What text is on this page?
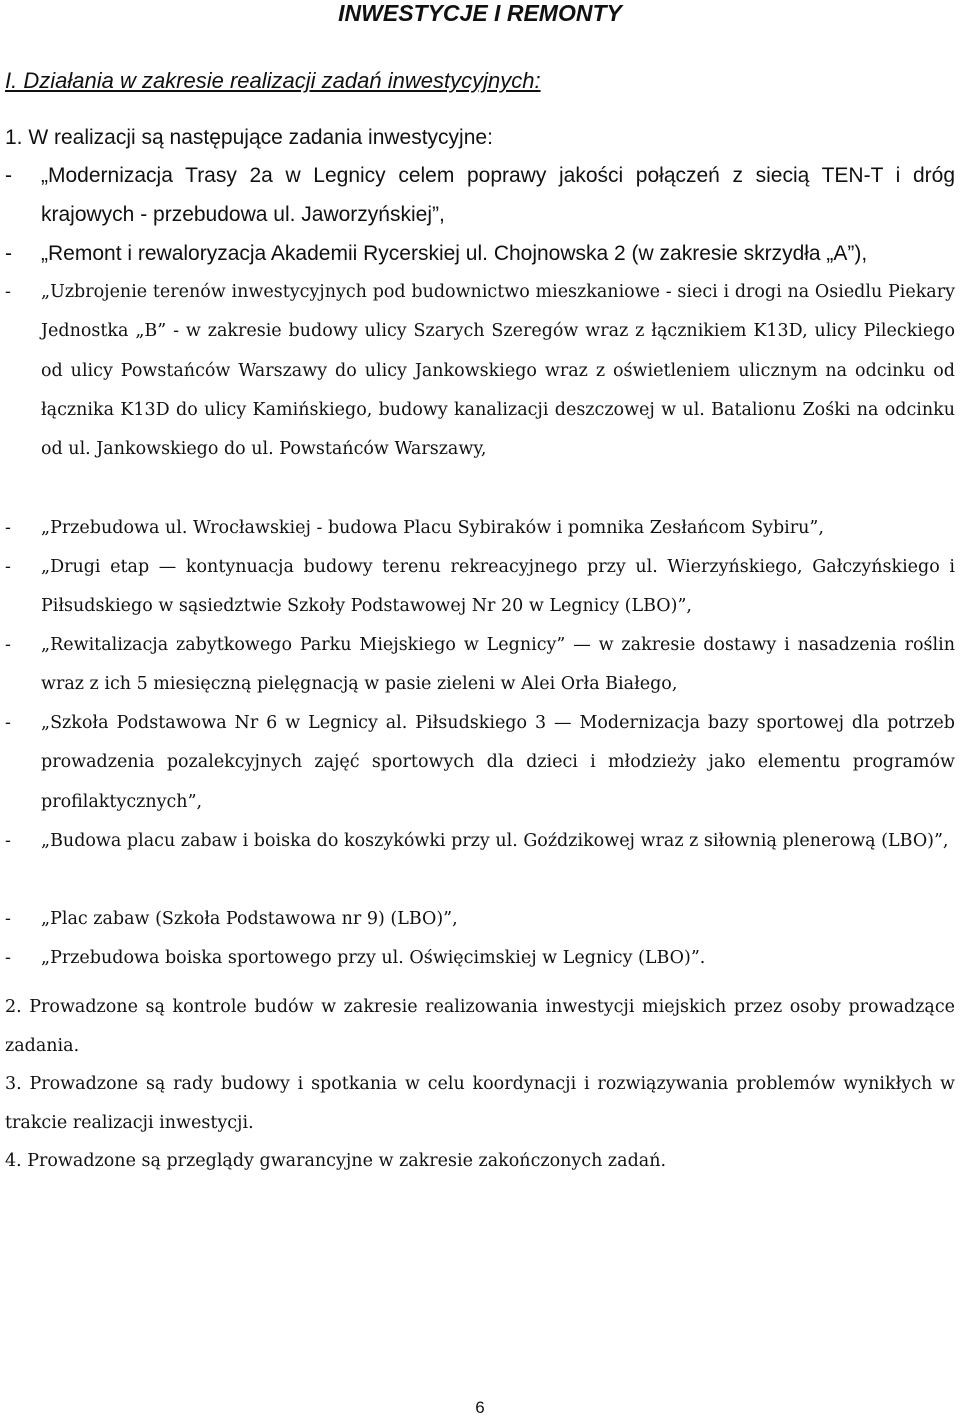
INWESTYCJE I REMONTY
I. Działania w zakresie realizacji zadań inwestycyjnych:
1. W realizacji są następujące zadania inwestycyjne:
- „Modernizacja Trasy 2a w Legnicy celem poprawy jakości połączeń z siecią TEN-T i dróg krajowych - przebudowa ul. Jaworzyńskiej”,
- „Remont i rewaloryzacja Akademii Rycerskiej ul. Chojnowska 2 (w zakresie skrzydła „A”),
- „Uzbrojenie terenów inwestycyjnych pod budownictwo mieszkaniowe - sieci i drogi na Osiedlu Piekary Jednostka „B” - w zakresie budowy ulicy Szarych Szeregów wraz z łącznikiem K13D, ulicy Pileckiego od ulicy Powstańców Warszawy do ulicy Jankowskiego wraz z oświetleniem ulicznym na odcinku od łącznika K13D do ulicy Kamińskiego, budowy kanalizacji deszczowej w ul. Batalionu Zośki na odcinku od ul. Jankowskiego do ul. Powstańców Warszawy,
- „Przebudowa ul. Wrocławskiej - budowa Placu Sybiraków i pomnika Zesłańcom Sybiru”,
- „Drugi etap — kontynuacja budowy terenu rekreacyjnego przy ul. Wierzyńskiego, Gałczyńskiego i Piłsudskiego w sąsiedztwie Szkoły Podstawowej Nr 20 w Legnicy (LBO)”,
- „Rewitalizacja zabytkowego Parku Miejskiego w Legnicy” — w zakresie dostawy i nasadzenia roślin wraz z ich 5 miesięczną pielęgnacją w pasie zieleni w Alei Orła Białego,
- „Szkoła Podstawowa Nr 6 w Legnicy al. Piłsudskiego 3 — Modernizacja bazy sportowej dla potrzeb prowadzenia pozalekcyjnych zajęć sportowych dla dzieci i młodzieży jako elementu programów profilaktycznych”,
- „Budowa placu zabaw i boiska do koszykówki przy ul. Goździkowej wraz z siłownią plenerową (LBO)”,
- „Plac zabaw (Szkoła Podstawowa nr 9) (LBO)”,
- „Przebudowa boiska sportowego przy ul. Oświęcimskiej w Legnicy (LBO)”.
2. Prowadzone są kontrole budów w zakresie realizowania inwestycji miejskich przez osoby prowadzące zadania.
3. Prowadzone są rady budowy i spotkania w celu koordynacji i rozwiązywania problemów wynikłych w trakcie realizacji inwestycji.
4. Prowadzone są przeglądy gwarancyjne w zakresie zakończonych zadań.
6
